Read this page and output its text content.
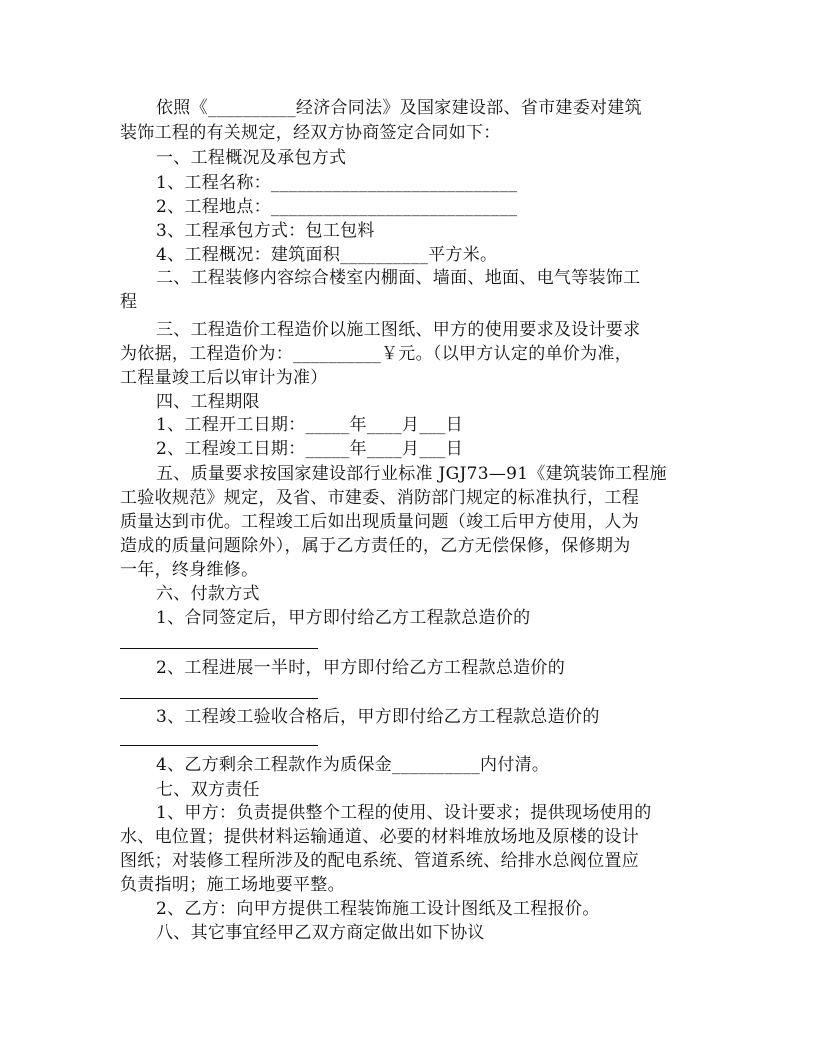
依照《__________经济合同法》及国家建设部、省市建委对建筑
装饰工程的有关规定，经双方协商签定合同如下：
一、工程概况及承包方式
1、工程名称：____________________________
2、工程地点：____________________________
3、工程承包方式：包工包料
4、工程概况：建筑面积__________平方米。
二、工程装修内容综合楼室内棚面、墙面、地面、电气等装饰工
程
三、工程造价工程造价以施工图纸、甲方的使用要求及设计要求
为依据，工程造价为：__________￥元。（以甲方认定的单价为准，
工程量竣工后以审计为准）
四、工程期限
1、工程开工日期：_____年____月___日
2、工程竣工日期：_____年____月___日
五、质量要求按国家建设部行业标准 JGJ73—91《建筑装饰工程施
工验收规范》规定，及省、市建委、消防部门规定的标准执行，工程
质量达到市优。工程竣工后如出现质量问题（竣工后甲方使用，人为
造成的质量问题除外），属于乙方责任的，乙方无偿保修，保修期为
一年，终身维修。
六、付款方式
1、合同签定后，甲方即付给乙方工程款总造价的
2、工程进展一半时，甲方即付给乙方工程款总造价的
3、工程竣工验收合格后，甲方即付给乙方工程款总造价的
4、乙方剩余工程款作为质保金__________内付清。
七、双方责任
1、甲方：负责提供整个工程的使用、设计要求；提供现场使用的
水、电位置；提供材料运输通道、必要的材料堆放场地及原楼的设计
图纸；对装修工程所涉及的配电系统、管道系统、给排水总阀位置应
负责指明；施工场地要平整。
2、乙方：向甲方提供工程装饰施工设计图纸及工程报价。
八、其它事宜经甲乙双方商定做出如下协议
